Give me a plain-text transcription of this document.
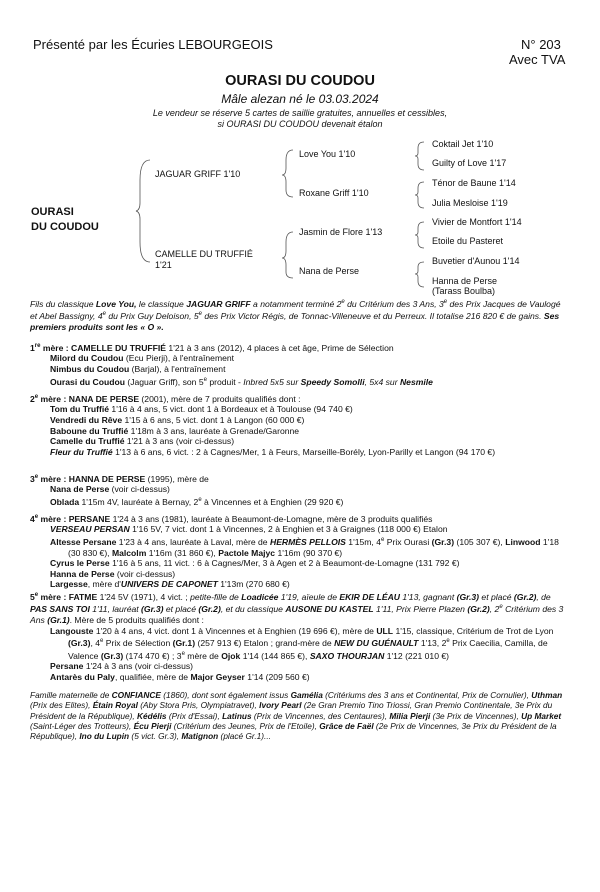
Présenté par les Écuries LEBOURGEOIS	N° 203
Avec TVA
OURASI DU COUDOU
Mâle alezan né le 03.03.2024
Le vendeur se réserve 5 cartes de saillie gratuites, annuelles et cessibles,
si OURASI DU COUDOU devenait étalon
OURASI
DU COUDOU
JAGUAR GRIFF 1'10
CAMELLE DU TRUFFIÉ
1'21
Love You 1'10
Roxane Griff 1'10
Jasmin de Flore 1'13
Nana de Perse
Coktail Jet 1'10
Guilty of Love 1'17
Ténor de Baune 1'14
Julia Mesloise 1'19
Vivier de Montfort 1'14
Etoile du Pasteret
Buvetier d'Aunou 1'14
Hanna de Perse
(Tarass Boulba)
Fils du classique Love You, le classique JAGUAR GRIFF a notamment terminé 2e du Critérium des 3 Ans, 3e des Prix Jacques de Vaulogé et Abel Bassigny, 4e du Prix Guy Deloison, 5e des Prix Victor Régis, de Tonnac-Villeneuve et du Perreux. Il totalise 216 820 € de gains. Ses premiers produits sont les « O ».
1re mère : CAMELLE DU TRUFFIÉ 1'21 à 3 ans (2012), 4 places à cet âge, Prime de Sélection
Milord du Coudou (Ecu Pierji), à l'entraînement
Nimbus du Coudou (Barjal), à l'entraînement
Ourasi du Coudou (Jaguar Griff), son 5e produit - Inbred 5x5 sur Speedy Somolli, 5x4 sur Nesmile
2e mère : NANA DE PERSE (2001), mère de 7 produits qualifiés dont :
Tom du Truffié 1'16 à 4 ans, 5 vict. dont 1 à Bordeaux et à Toulouse (94 740 €)
Vendredi du Rêve 1'15 à 6 ans, 5 vict. dont 1 à Langon (60 000 €)
Baboune du Truffié 1'18m à 3 ans, lauréate à Grenade/Garonne
Camelle du Truffié 1'21 à 3 ans (voir ci-dessus)
Fleur du Truffié 1'13 à 6 ans, 6 vict. : 2 à Cagnes/Mer, 1 à Feurs, Marseille-Borély, Lyon-Parilly et Langon (94 170 €)
3e mère : HANNA DE PERSE (1995), mère de
Nana de Perse (voir ci-dessus)
Oblada 1'15m 4V, lauréate à Bernay, 2e à Vincennes et à Enghien (29 920 €)
4e mère : PERSANE 1'24 à 3 ans (1981), lauréate à Beaumont-de-Lomagne, mère de 3 produits qualifiés
VERSEAU PERSAN 1'16 5V, 7 vict. dont 1 à Vincennes, 2 à Enghien et 3 à Graignes (118 000 €) Etalon
Altesse Persane 1'23 à 4 ans, lauréate à Laval, mère de HERMÈS PELLOIS 1'15m, 4e Prix Ourasi (Gr.3) (105 307 €), Linwood 1'18 (30 830 €), Malcolm 1'16m (31 860 €), Pactole Majyc 1'16m (90 370 €)
Cyrus le Perse 1'16 à 5 ans, 11 vict. : 6 à Cagnes/Mer, 3 à Agen et 2 à Beaumont-de-Lomagne (131 792 €)
Hanna de Perse (voir ci-dessus)
Largesse, mère d'UNIVERS DE CAPONET 1'13m (270 680 €)
5e mère : FATME 1'24 5V (1971), 4 vict. ; petite-fille de Loadicée 1'19, aïeule de EKIR DE LÉAU 1'13, gagnant (Gr.3) et placé (Gr.2), de PAS SANS TOI 1'11, lauréat (Gr.3) et placé (Gr.2), et du classique AUSONE DU KASTEL 1'11, Prix Pierre Plazen (Gr.2), 2e Critérium des 3 Ans (Gr.1). Mère de 5 produits qualifiés dont :
Langouste 1'20 à 4 ans, 4 vict. dont 1 à Vincennes et à Enghien (19 696 €), mère de ULL 1'15, classique, Critérium de Trot de Lyon (Gr.3), 4e Prix de Sélection (Gr.1) (257 913 €) Etalon ; grand-mère de NEW DU GUÉNAULT 1'13, 2e Prix Caecilia, Camilla, de Valence (Gr.3) (174 470 €) ; 3e mère de Ojok 1'14 (144 865 €), SAXO THOURJAN 1'12 (221 010 €)
Persane 1'24 à 3 ans (voir ci-dessus)
Antarès du Paly, qualifiée, mère de Major Geyser 1'14 (209 560 €)
Famille maternelle de CONFIANCE (1860), dont sont également issus Gamélia (Critériums des 3 ans et Continental, Prix de Cornulier), Uthman (Prix des Elites), Étain Royal (Aby Stora Pris, Olympiatravet), Ivory Pearl (2e Gran Premio Tino Triossi, Gran Premio Continentale, 3e Prix du Président de la République), Kédélis (Prix d'Essai), Latinus (Prix de Vincennes, des Centaures), Milia Pierji (3e Prix de Vincennes), Up Market (Saint-Léger des Trotteurs), Écu Pierji (Critérium des Jeunes, Prix de l'Etoile), Grâce de Faël (2e Prix de Vincennes, 3e Prix du Président de la République), Ino du Lupin (5 vict. Gr.3), Matignon (placé Gr.1)...
